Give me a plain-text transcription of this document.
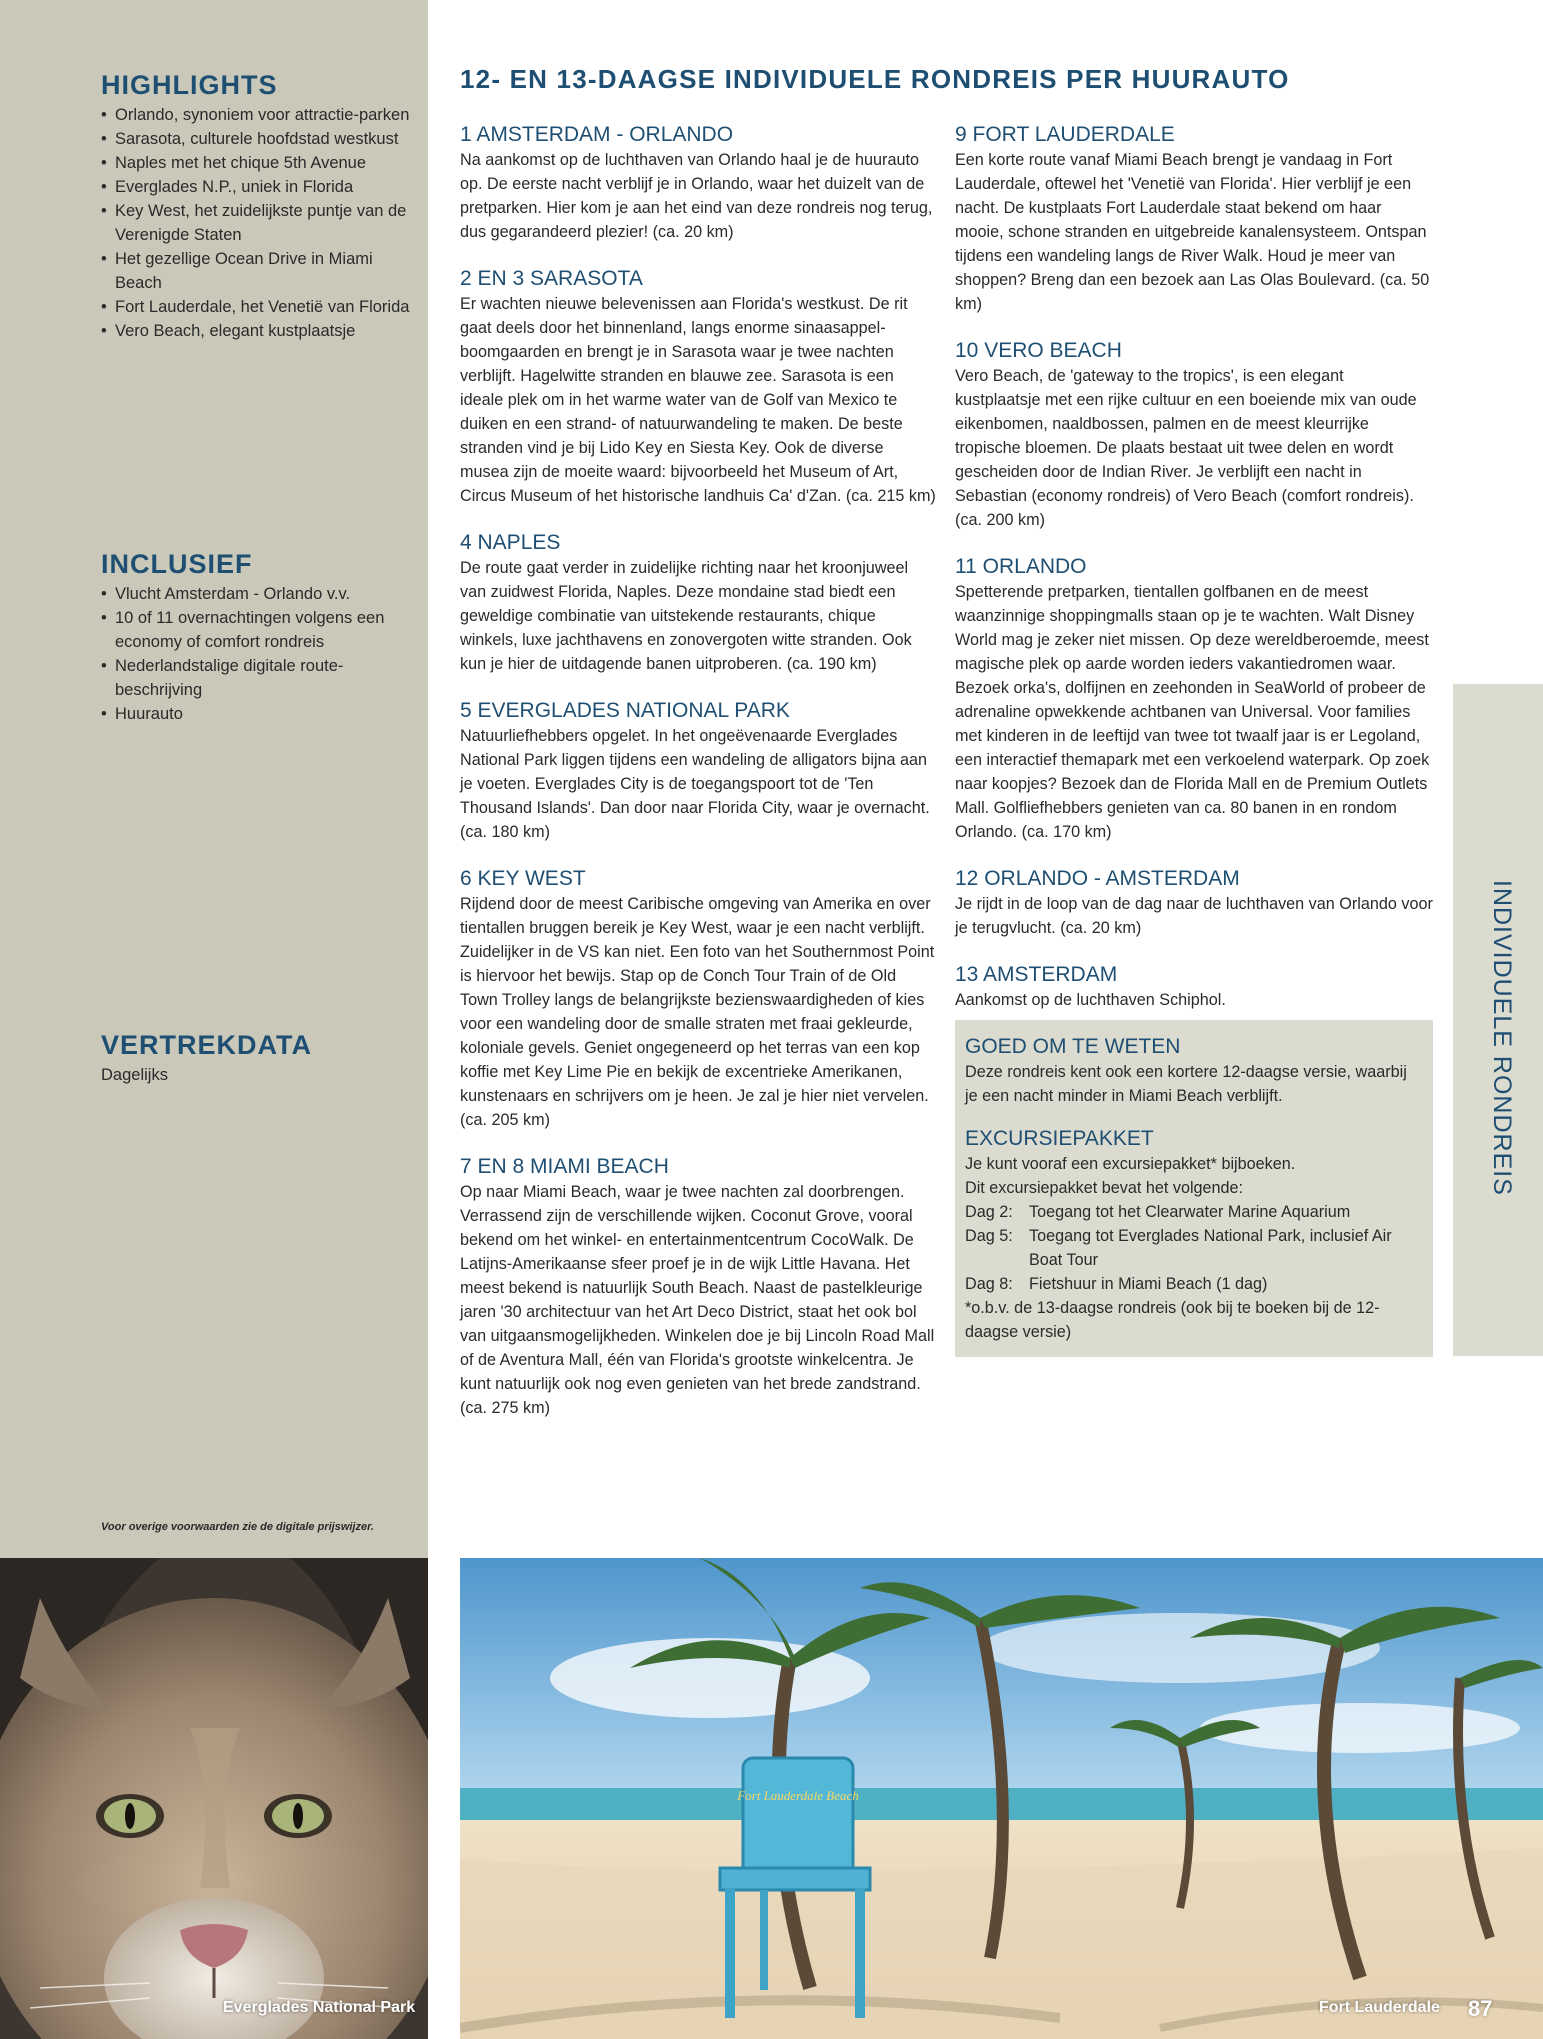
HIGHLIGHTS
• Orlando, synoniem voor attractie-parken
• Sarasota, culturele hoofdstad westkust
• Naples met het chique 5th Avenue
• Everglades N.P., uniek in Florida
• Key West, het zuidelijkste puntje van de Verenigde Staten
• Het gezellige Ocean Drive in Miami Beach
• Fort Lauderdale, het Venetië van Florida
• Vero Beach, elegant kustplaatsje
INCLUSIEF
• Vlucht Amsterdam - Orlando v.v.
• 10 of 11 overnachtingen volgens een economy of comfort rondreis
• Nederlandstalige digitale route-beschrijving
• Huurauto
VERTREKDATA
Dagelijks
Voor overige voorwaarden zie de digitale prijswijzer.
12- EN 13-DAAGSE INDIVIDUELE RONDREIS PER HUURAUTO
1 AMSTERDAM - ORLANDO

Na aankomst op de luchthaven van Orlando haal je de huurauto op. De eerste nacht verblijf je in Orlando, waar het duizelt van de pretparken. Hier kom je aan het eind van deze rondreis nog terug, dus gegarandeerd plezier! (ca. 20 km)

2 EN 3 SARASOTA

Er wachten nieuwe belevenissen aan Florida's westkust. De rit gaat deels door het binnenland, langs enorme sinaasappel-boomgaarden en brengt je in Sarasota waar je twee nachten verblijft. Hagelwitte stranden en blauwe zee. Sarasota is een ideale plek om in het warme water van de Golf van Mexico te duiken en een strand- of natuurwandeling te maken. De beste stranden vind je bij Lido Key en Siesta Key. Ook de diverse musea zijn de moeite waard: bijvoorbeeld het Museum of Art, Circus Museum of het historische landhuis Ca' d'Zan. (ca. 215 km)

4 NAPLES

De route gaat verder in zuidelijke richting naar het kroonjuweel van zuidwest Florida, Naples. Deze mondaine stad biedt een geweldige combinatie van uitstekende restaurants, chique winkels, luxe jachthavens en zonovergoten witte stranden. Ook kun je hier de uitdagende banen uitproberen. (ca. 190 km)

5 EVERGLADES NATIONAL PARK

Natuurliefhebbers opgelet. In het ongeëvenaarde Everglades National Park liggen tijdens een wandeling de alligators bijna aan je voeten. Everglades City is de toegangspoort tot de 'Ten Thousand Islands'. Dan door naar Florida City, waar je overnacht. (ca. 180 km)

6 KEY WEST

Rijdend door de meest Caribische omgeving van Amerika en over tientallen bruggen bereik je Key West, waar je een nacht verblijft. Zuidelijker in de VS kan niet. Een foto van het Southernmost Point is hiervoor het bewijs. Stap op de Conch Tour Train of de Old Town Trolley langs de belangrijkste bezienswaardigheden of kies voor een wandeling door de smalle straten met fraai gekleurde, koloniale gevels. Geniet ongegeneerd op het terras van een kop koffie met Key Lime Pie en bekijk de excentrieke Amerikanen, kunstenaars en schrijvers om je heen. Je zal je hier niet vervelen. (ca. 205 km)

7 EN 8 MIAMI BEACH

Op naar Miami Beach, waar je twee nachten zal doorbrengen. Verrassend zijn de verschillende wijken. Coconut Grove, vooral bekend om het winkel- en entertainmentcentrum CocoWalk. De Latijns-Amerikaanse sfeer proef je in de wijk Little Havana. Het meest bekend is natuurlijk South Beach. Naast de pastelkleurige jaren '30 architectuur van het Art Deco District, staat het ook bol van uitgaansmogelijkheden. Winkelen doe je bij Lincoln Road Mall of de Aventura Mall, één van Florida's grootste winkelcentra. Je kunt natuurlijk ook nog even genieten van het brede zandstrand. (ca. 275 km)

9 FORT LAUDERDALE

Een korte route vanaf Miami Beach brengt je vandaag in Fort Lauderdale, oftewel het 'Venetië van Florida'. Hier verblijf je een nacht. De kustplaats Fort Lauderdale staat bekend om haar mooie, schone stranden en uitgebreide kanalensysteem. Ontspan tijdens een wandeling langs de River Walk. Houd je meer van shoppen? Breng dan een bezoek aan Las Olas Boulevard. (ca. 50 km)

10 VERO BEACH

Vero Beach, de 'gateway to the tropics', is een elegant kustplaatsje met een rijke cultuur en een boeiende mix van oude eikenbomen, naaldbossen, palmen en de meest kleurrijke tropische bloemen. De plaats bestaat uit twee delen en wordt gescheiden door de Indian River. Je verblijft een nacht in Sebastian (economy rondreis) of Vero Beach (comfort rondreis). (ca. 200 km)

11 ORLANDO

Spetterende pretparken, tientallen golfbanen en de meest waanzinnige shoppingmalls staan op je te wachten. Walt Disney World mag je zeker niet missen. Op deze wereldberoemde, meest magische plek op aarde worden ieders vakantiedromen waar. Bezoek orka's, dolfijnen en zeehonden in SeaWorld of probeer de adrenaline opwekkende achtbanen van Universal. Voor families met kinderen in de leeftijd van twee tot twaalf jaar is er Legoland, een interactief themapark met een verkoelend waterpark. Op zoek naar koopjes? Bezoek dan de Florida Mall en de Premium Outlets Mall. Golfliefhebbers genieten van ca. 80 banen in en rondom Orlando. (ca. 170 km)

12 ORLANDO - AMSTERDAM

Je rijdt in de loop van de dag naar de luchthaven van Orlando voor je terugvlucht. (ca. 20 km)

13 AMSTERDAM

Aankomst op de luchthaven Schiphol.

GOED OM TE WETEN

Deze rondreis kent ook een kortere 12-daagse versie, waarbij je een nacht minder in Miami Beach verblijft.

EXCURSIEPAKKET

Je kunt vooraf een excursiepakket* bijboeken.

Dit excursiepakket bevat het volgende:

Dag 2:	Toegang tot het Clearwater Marine Aquarium
Dag 5:	Toegang tot Everglades National Park, inclusief Air Boat Tour
Dag 8:	Fietshuur in Miami Beach (1 dag)

*o.b.v. de 13-daagse rondreis (ook bij te boeken bij de 12-daagse versie)

INDIVIDUELE RONDREIS
Everglades National Park
Fort Lauderdale Beach
Fort Lauderdale 87
